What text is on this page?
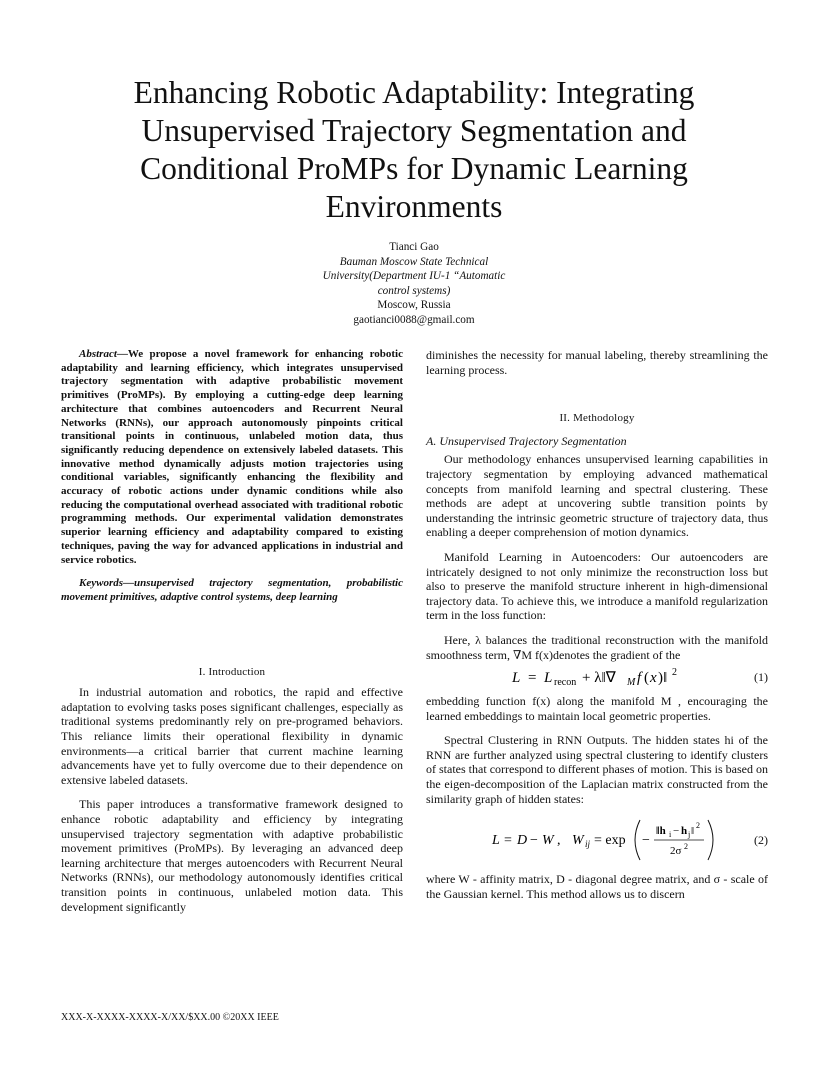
Enhancing Robotic Adaptability: Integrating Unsupervised Trajectory Segmentation and Conditional ProMPs for Dynamic Learning Environments
Tianci Gao
Bauman Moscow State Technical
University(Department IU-1 “Automatic
control systems)
Moscow, Russia
gaotianci0088@gmail.com

Abstract—We propose a novel framework for enhancing robotic adaptability and learning efficiency, which integrates unsupervised trajectory segmentation with adaptive probabilistic movement primitives (ProMPs). By employing a cutting-edge deep learning architecture that combines autoencoders and Recurrent Neural Networks (RNNs), our approach autonomously pinpoints critical transitional points in continuous, unlabeled motion data, thus significantly reducing dependence on extensively labeled datasets. This innovative method dynamically adjusts motion trajectories using conditional variables, significantly enhancing the flexibility and accuracy of robotic actions under dynamic conditions while also reducing the computational overhead associated with traditional robotic programming methods. Our experimental validation demonstrates superior learning efficiency and adaptability compared to existing techniques, paving the way for advanced applications in industrial and service robotics.

Keywords—unsupervised trajectory segmentation, probabilistic movement primitives, adaptive control systems, deep learning

I. Introduction

In industrial automation and robotics, the rapid and effective adaptation to evolving tasks poses significant challenges, especially as traditional systems predominantly rely on pre-programed behaviors. This reliance limits their operational flexibility in dynamic environments—a critical barrier that current machine learning advancements have yet to fully overcome due to their dependence on extensive labeled datasets.

This paper introduces a transformative framework designed to enhance robotic adaptability and efficiency by integrating unsupervised trajectory segmentation with adaptive probabilistic movement primitives (ProMPs). By leveraging an advanced deep learning architecture that merges autoencoders with Recurrent Neural Networks (RNNs), our methodology autonomously identifies critical transition points in continuous, unlabeled motion data. This development significantly

diminishes the necessity for manual labeling, thereby streamlining the learning process.

II. Methodology

A. Unsupervised Trajectory Segmentation

Our methodology enhances unsupervised learning capabilities in trajectory segmentation by employing advanced mathematical concepts from manifold learning and spectral clustering. These methods are adept at uncovering subtle transition points by understanding the intrinsic geometric structure of trajectory data, thus enabling a deeper comprehension of motion dynamics.

Manifold Learning in Autoencoders: Our autoencoders are intricately designed to not only minimize the reconstruction loss but also to preserve the manifold structure inherent in high-dimensional trajectory data. To achieve this, we introduce a manifold regularization term in the loss function:

Here, λ balances the traditional reconstruction with the manifold smoothness term, ∇M f(x)denotes the gradient of the

L = L recon + λ‖∇ M f ( x )‖ 2	(1)

embedding function f(x) along the manifold M , encouraging the learned embeddings to maintain local geometric properties.

Spectral Clustering in RNN Outputs. The hidden states hi of the RNN are further analyzed using spectral clustering to identify clusters of states that correspond to different phases of motion. This is based on the eigen-decomposition of the Laplacian matrix constructed from the similarity graph of hidden states:

L = D − W , W ij = exp −
‖h i − h j ‖ 2
2σ 2	(2)

where W - affinity matrix, D - diagonal degree matrix, and σ - scale of the Gaussian kernel. This method allows us to discern

XXX-X-XXXX-XXXX-X/XX/$XX.00 ©20XX IEEE
